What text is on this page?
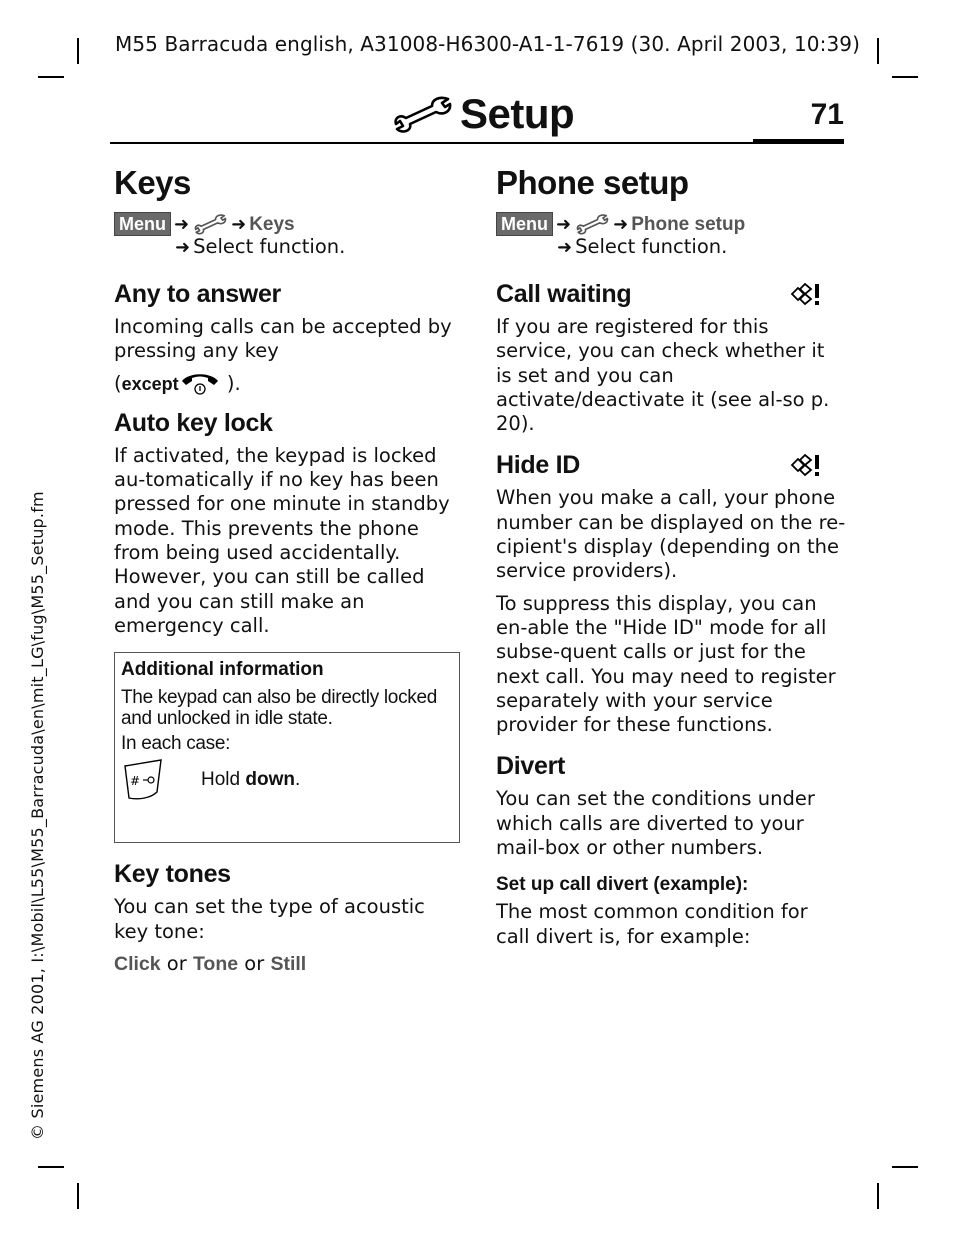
M55 Barracuda english, A31008-H6300-A1-1-7619 (30. April 2003, 10:39)
Setup	71
Keys
Menu ➜ ➜ Keys
➜ Select function.
Any to answer

Incoming calls can be accepted by pressing any key

(except ).

Auto key lock

If activated, the keypad is locked au-tomatically if no key has been pressed for one minute in standby mode. This prevents the phone from being used accidentally. However, you can still be called and you can still make an emergency call.

Additional information
The keypad can also be directly locked and unlocked in idle state.
In each case:
#	Hold down.
Key tones

You can set the type of acoustic key tone:

Click or Tone or Still

Phone setup
Menu ➜ ➜ Phone setup
➜ Select function.
Call waiting

If you are registered for this service, you can check whether it is set and you can activate/deactivate it (see al-so p. 20).

Hide ID

When you make a call, your phone number can be displayed on the re-cipient's display (depending on the service providers).

To suppress this display, you can en-able the "Hide ID" mode for all subse-quent calls or just for the next call. You may need to register separately with your service provider for these functions.

Divert

You can set the conditions under which calls are diverted to your mail-box or other numbers.

Set up call divert (example):

The most common condition for call divert is, for example:

© Siemens AG 2001, I:\Mobil\L55\M55_Barracuda\en\mit_LG\fug\M55_Setup.fm
